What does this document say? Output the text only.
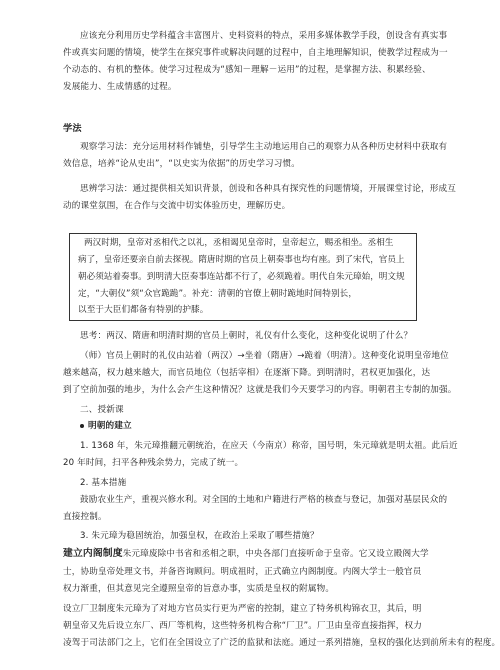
应该充分利用历史学科蕴含丰富图片、史料资料的特点，采用多媒体教学手段，创设含有真实事
件或真实问题的情境，使学生在探究事件或解决问题的过程中，自主地理解知识，使教学过程成为一
个动态的、有机的整体。使学习过程成为“感知－理解－运用”的过程，是掌握方法、积累经验、
发展能力、生成情感的过程。
学法
观察学习法：充分运用材料作铺垫，引导学生主动地运用自己的观察力从各种历史材料中获取有
效信息，培养“论从史出”，“以史实为依据”的历史学习习惯。
思辨学习法：通过提供相关知识背景，创设和各种具有探究性的问题情境，开展课堂讨论，形成互
动的课堂氛围，在合作与交流中切实体验历史，理解历史。
两汉时期，皇帝对丞相代之以礼，丞相谒见皇帝时，皇帝起立，赐丞相坐。丞相生
病了，皇帝还要亲自前去探视。隋唐时期的官员上朝奏事也均有座。到了宋代，官员上
朝必须站着奏事。到明清大臣奏事连站都不行了，必须跪着。明代自朱元璋始，明文规
定，“大朝仪”须“众官跪跪”。补充：清朝的官僚上朝时跪地时间特别长，
以至于大臣们都备有特别的护膝。
思考：两汉、隋唐和明清时期的官员上朝时，礼仪有什么变化，这种变化说明了什么？
（师）官员上朝时的礼仪由站着（两汉）→坐着（隋唐）→跪着（明清）。这种变化说明皇帝地位
越来越高，权力越来越大，而官员地位（包括宰相）在逐渐下降。到明清时，君权更加强化，达
到了空前加强的地步，为什么会产生这种情况？这就是我们今天要学习的内容。明朝君主专制的加强。
二、授新课
明朝的建立
1. 1368 年，朱元璋推翻元朝统治，在应天（今南京）称帝，国号明，朱元璋就是明太祖。此后近
20 年时间，扫平各种残余势力，完成了统一。
2. 基本措施
鼓励农业生产，重视兴修水利。对全国的土地和户籍进行严格的核查与登记，加强对基层民众的
直接控制。
3. 朱元璋为稳固统治，加强皇权，在政治上采取了哪些措施？
建立内阁制度朱元璋废除中书省和丞相之职，中央各部门直接听命于皇帝。它又设立殿阁大学
士，协助皇帝处理文书，并备咨询顾问。明成祖时，正式确立内阁制度。内阁大学士一般官员
权力渐重，但其意见完全遵照皇帝的旨意办事，实质是皇权的附属物。
设立厂卫制度朱元璋为了对地方官员实行更为严密的控制，建立了特务机构锦衣卫，其后，明
朝皇帝又先后设立东厂、西厂等机构，这些特务机构合称“厂卫”。厂卫由皇帝直接指挥，权力
凌驾于司法部门之上，它们在全国设立了广泛的监狱和法庭。通过一系列措施，皇权的强化达到前所未有的程度。
